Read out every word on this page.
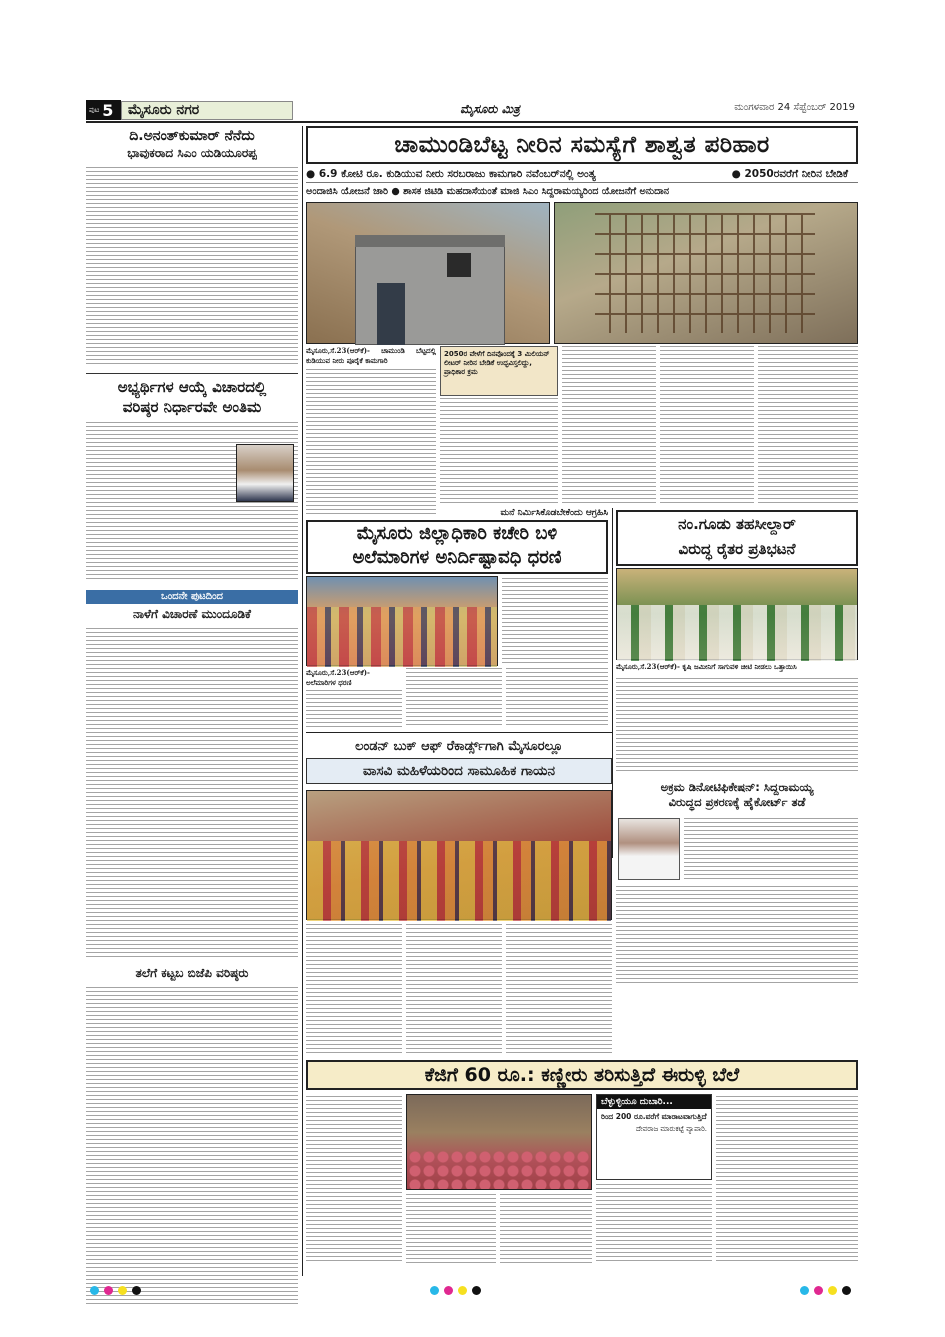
ಪುಟ 5	ಮೈಸೂರು ನಗರ	ಮೈಸೂರು ಮಿತ್ರ	ಮಂಗಳವಾರ 24 ಸೆಪ್ಟೆಂಬರ್ 2019
ದಿ.ಅನಂತ್‌ಕುಮಾರ್ ನೆನೆದು
ಭಾವುಕರಾದ ಸಿಎಂ ಯಡಿಯೂರಪ್ಪ
ಅಭ್ಯರ್ಥಿಗಳ ಆಯ್ಕೆ ವಿಚಾರದಲ್ಲಿ
ವರಿಷ್ಠರ ನಿರ್ಧಾರವೇ ಅಂತಿಮ
ಒಂದನೇ ಪುಟದಿಂದ
ನಾಳೆಗೆ ವಿಚಾರಣೆ ಮುಂದೂಡಿಕೆ
ತಲೆಗೆ ಕಟ್ಟಬ ಬಿಜೆಪಿ ವರಿಷ್ಠರು
ಚಾಮುಂಡಿಬೆಟ್ಟ ನೀರಿನ ಸಮಸ್ಯೆಗೆ ಶಾಶ್ವತ ಪರಿಹಾರ
● 6.9 ಕೋಟಿ ರೂ. ಕುಡಿಯುವ ನೀರು ಸರಬರಾಜು ಕಾಮಗಾರಿ ನವೆಂಬರ್‌ನಲ್ಲಿ ಅಂತ್ಯ	● 2050ರವರೆಗೆ ನೀರಿನ ಬೇಡಿಕೆ
ಅಂದಾಜಿಸಿ ಯೋಜನೆ ಜಾರಿ ● ಶಾಸಕ ಜಿಟಿಡಿ ಮಹದಾಸೆಯಂತೆ ಮಾಜಿ ಸಿಎಂ ಸಿದ್ದರಾಮಯ್ಯರಿಂದ ಯೋಜನೆಗೆ ಅನುದಾನ
ಮೈಸೂರು,ಸೆ.23(ಆರ್‌ಕೆ)- ಚಾಮುಂಡಿ ಬೆಟ್ಟದಲ್ಲಿ ಕುಡಿಯುವ ನೀರು ಪೂರೈಕೆ ಕಾಮಗಾರಿ
2050ರ ವೇಳೆಗೆ ದಿನವೊಂದಕ್ಕೆ 3 ಮಿಲಿಯನ್ ಲೀಟರ್ ನೀರಿನ ಬೇಡಿಕೆ ಉದ್ಭವಿಸ್ತಲಿದ್ದು, ಪ್ರಾಧಿಕಾರ ಕ್ರಮ
ಮನೆ ನಿರ್ಮಿಸಿಕೊಡಬೇಕೆಂದು ಆಗ್ರಹಿಸಿ
ಮೈಸೂರು ಜಿಲ್ಲಾಧಿಕಾರಿ ಕಚೇರಿ ಬಳಿ
ಅಲೆಮಾರಿಗಳ ಅನಿರ್ದಿಷ್ಟಾವಧಿ ಧರಣಿ
ಮೈಸೂರು,ಸೆ.23(ಆರ್‌ಕೆ)- ಅಲೆಮಾರಿಗಳ ಧರಣಿ
ನಂ.ಗೂಡು ತಹಸೀಲ್ದಾರ್
ವಿರುದ್ಧ ರೈತರ ಪ್ರತಿಭಟನೆ
ಮೈಸೂರು,ಸೆ.23(ಆರ್‌ಕೆ)- ಕೃಷಿ ಜಮೀನಿಗೆ ಸಾಗುವಳಿ ಚೀಟಿ ನೀಡಲು ಒತ್ತಾಯಿಸಿ
ಅಕ್ರಮ ಡಿನೋಟಿಫಿಕೇಷನ್: ಸಿದ್ದರಾಮಯ್ಯ
ವಿರುದ್ಧದ ಪ್ರಕರಣಕ್ಕೆ ಹೈಕೋರ್ಟ್ ತಡೆ
ಲಂಡನ್ ಬುಕ್ ಆಫ್ ರೆಕಾರ್ಡ್ಸ್‌ಗಾಗಿ ಮೈಸೂರಲ್ಲೂ
ವಾಸವಿ ಮಹಿಳೆಯರಿಂದ ಸಾಮೂಹಿಕ ಗಾಯನ
ಕೆಜಿಗೆ 60 ರೂ.: ಕಣ್ಣೀರು ತರಿಸುತ್ತಿದೆ ಈರುಳ್ಳಿ ಬೆಲೆ
ಬೆಳ್ಳುಳ್ಳಿಯೂ ದುಬಾರಿ...
ರಿಂದ 200 ರೂ.ವರೆಗೆ ಮಾರಾಟವಾಗುತ್ತಿದೆ
ದೇವರಾಜ ಮಾರುಕಟ್ಟೆ ವ್ಯಾಪಾರಿ.
